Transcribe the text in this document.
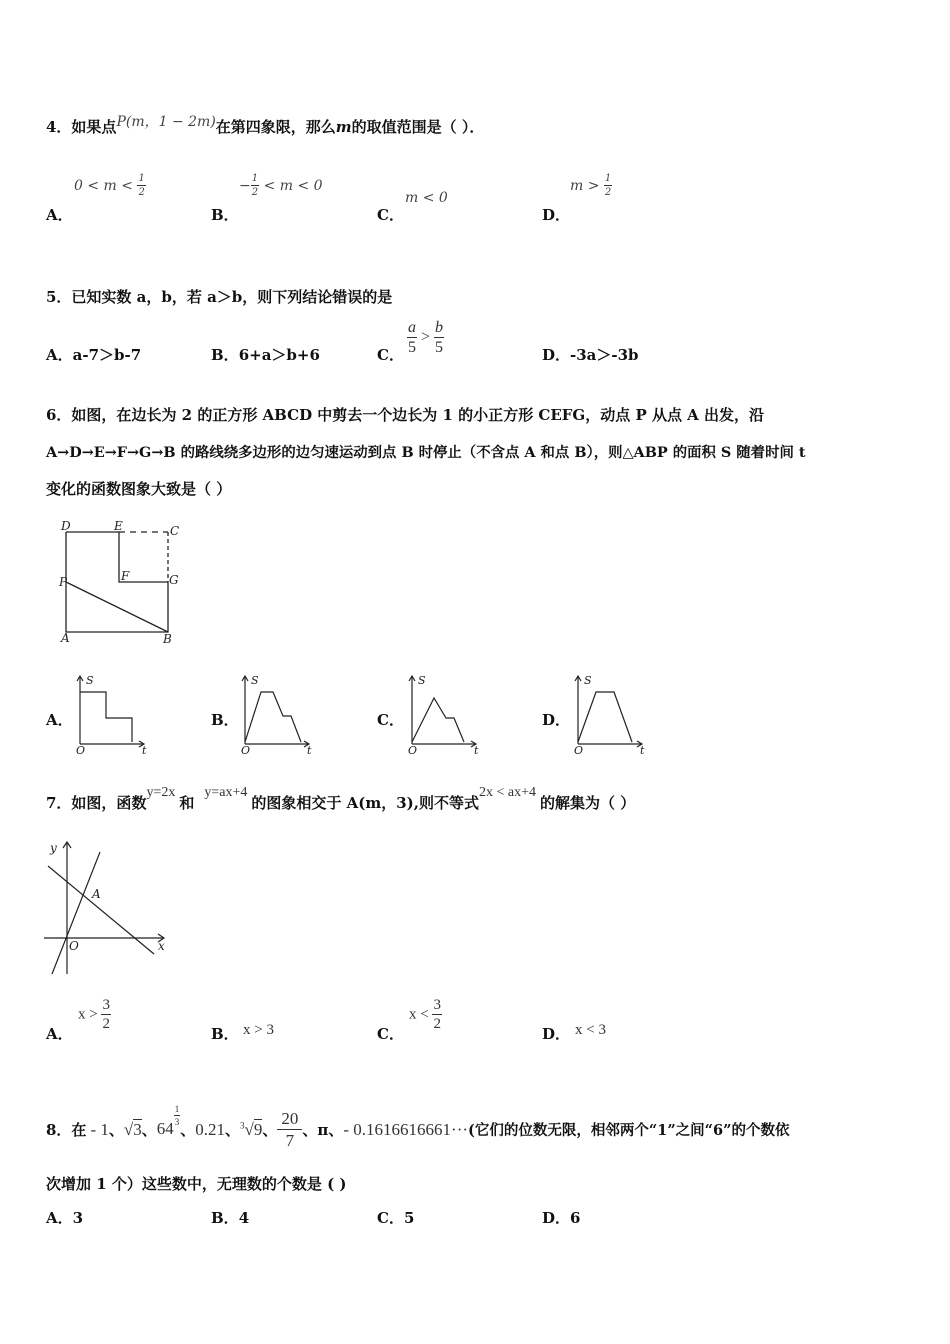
4．如果点P(m，1 − 2m)在第四象限，那么m的取值范围是（ ）．
A．
$0 < m < \frac{1}{2}$
B．
− $\frac{1}{2} < m < 0$
C．
m < 0
D．
$m > \frac{1}{2}$
5．已知实数 a，b，若 a＞b，则下列结论错误的是
A．a-7＞b-7	B．6+a＞b+6	C． $\frac{a}{5} > \frac{b}{5}$	D．-3a＞-3b
6．如图，在边长为 2 的正方形 ABCD 中剪去一个边长为 1 的小正方形 CEFG，动点 P 从点 A 出发，沿
A→D→E→F→G→B 的路线绕多边形的边匀速运动到点 B 时停止（不含点 A 和点 B），则△ABP 的面积 S 随着时间 t
变化的函数图象大致是（ ）
D	E	C
P	F	G
A	B
A．	B．	C．	D．
S
O	t
S
O	t
S
O	t
S
O	t
7．如图，函数y=2x和y=ax+4的图象相交于 A(m，3),则不等式2x < ax+4的解集为（ ）
y
x
O
A
A．
$x > \frac{3}{2}$
B． x > 3	C．
$x < \frac{3}{2}$
D． x < 3
8．在 - 1 、 √3 、 64
$\frac{1}{3}$
、 0.21 、 $^3$√9 、 $\frac{20}{7}$ 、 π 、 - 0.1616616661··· (它们的位数无限，相邻两个“1”之间“6”的个数依
次增加 1 个）这些数中，无理数的个数是 ( )
A．3	B．4	C．5	D．6
